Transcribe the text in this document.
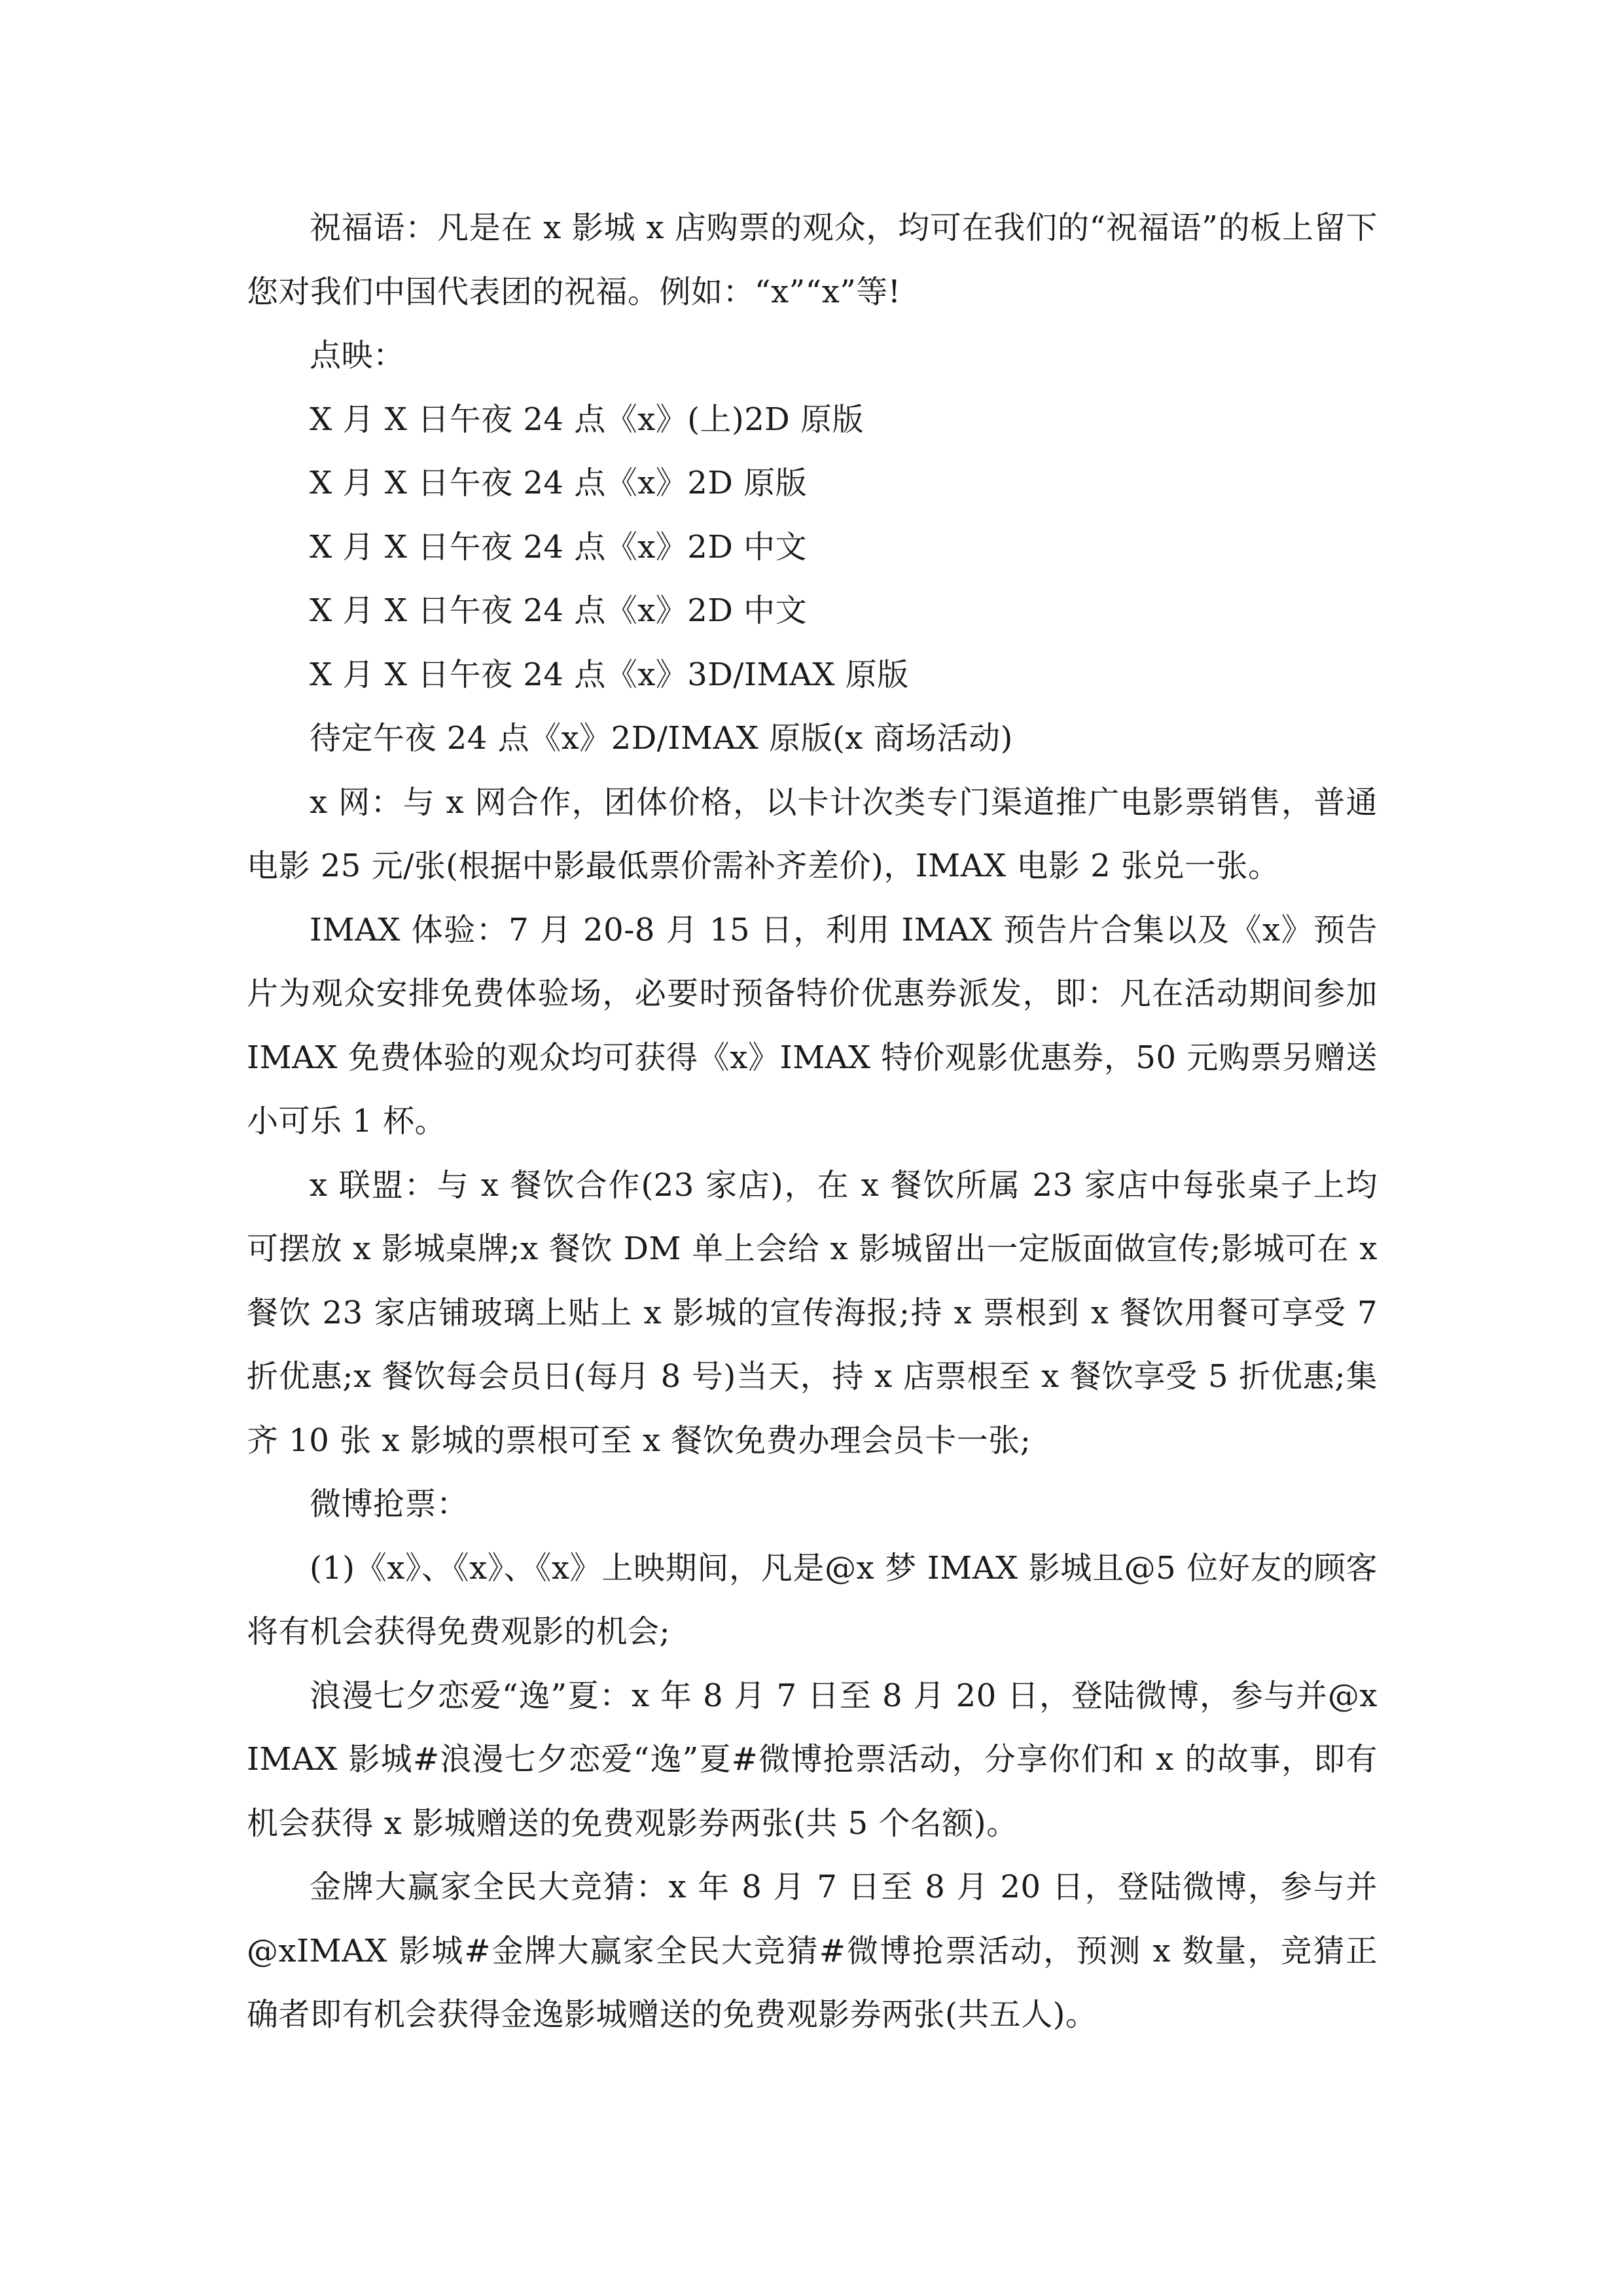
祝福语：凡是在 x 影城 x 店购票的观众，均可在我们的“祝福语”的板上留下您对我们中国代表团的祝福。例如：“x”“x”等!

点映：

X 月 X 日午夜 24 点《x》(上)2D 原版

X 月 X 日午夜 24 点《x》2D 原版

X 月 X 日午夜 24 点《x》2D 中文

X 月 X 日午夜 24 点《x》2D 中文

X 月 X 日午夜 24 点《x》3D/IMAX 原版

待定午夜 24 点《x》2D/IMAX 原版(x 商场活动)

x 网：与 x 网合作，团体价格，以卡计次类专门渠道推广电影票销售，普通电影 25 元/张(根据中影最低票价需补齐差价)，IMAX 电影 2 张兑一张。

IMAX 体验：7 月 20-8 月 15 日，利用 IMAX 预告片合集以及《x》预告片为观众安排免费体验场，必要时预备特价优惠券派发，即：凡在活动期间参加 IMAX 免费体验的观众均可获得《x》IMAX 特价观影优惠券，50 元购票另赠送小可乐 1 杯。

x 联盟：与 x 餐饮合作(23 家店)，在 x 餐饮所属 23 家店中每张桌子上均可摆放 x 影城桌牌;x 餐饮 DM 单上会给 x 影城留出一定版面做宣传;影城可在 x 餐饮 23 家店铺玻璃上贴上 x 影城的宣传海报;持 x 票根到 x 餐饮用餐可享受 7 折优惠;x 餐饮每会员日(每月 8 号)当天，持 x 店票根至 x 餐饮享受 5 折优惠;集齐 10 张 x 影城的票根可至 x 餐饮免费办理会员卡一张;

微博抢票：

(1)《x》、《x》、《x》上映期间，凡是@x 梦 IMAX 影城且@5 位好友的顾客将有机会获得免费观影的机会;

浪漫七夕恋爱“逸”夏：x 年 8 月 7 日至 8 月 20 日，登陆微博，参与并@xIMAX 影城#浪漫七夕恋爱“逸”夏#微博抢票活动，分享你们和 x 的故事，即有机会获得 x 影城赠送的免费观影券两张(共 5 个名额)。

金牌大赢家全民大竞猜：x 年 8 月 7 日至 8 月 20 日，登陆微博，参与并@xIMAX 影城#金牌大赢家全民大竞猜#微博抢票活动，预测 x 数量，竞猜正确者即有机会获得金逸影城赠送的免费观影券两张(共五人)。
